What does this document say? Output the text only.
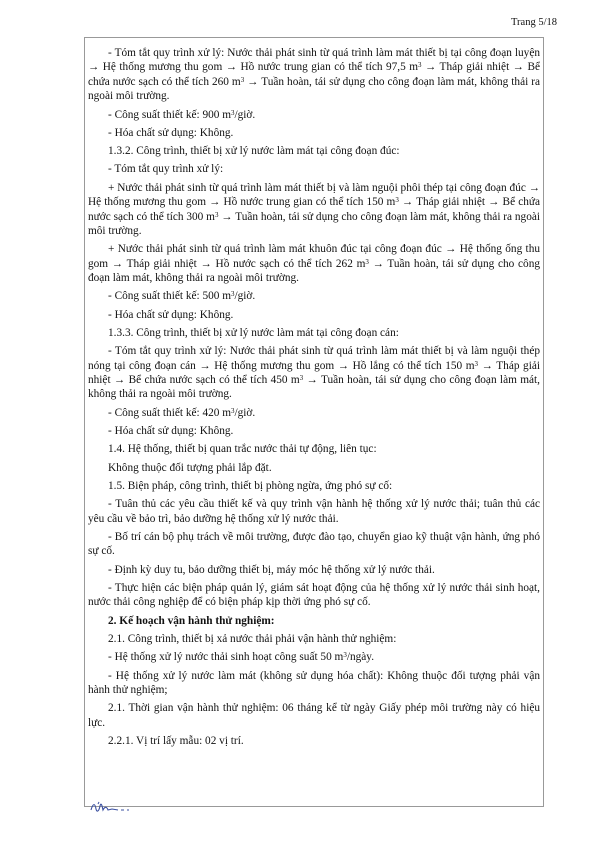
Trang 5/18

- Tóm tắt quy trình xử lý: Nước thải phát sinh từ quá trình làm mát thiết bị tại công đoạn luyện → Hệ thống mương thu gom → Hồ nước trung gian có thể tích 97,5 $m^3$ → Tháp giải nhiệt → Bể chứa nước sạch có thể tích 260 $m^3$ → Tuần hoàn, tái sử dụng cho công đoạn làm mát, không thải ra ngoài môi trường.

- Công suất thiết kế: 900 $m^3$/giờ.

- Hóa chất sử dụng: Không.

1.3.2. Công trình, thiết bị xử lý nước làm mát tại công đoạn đúc:

- Tóm tắt quy trình xử lý:

+ Nước thải phát sinh từ quá trình làm mát thiết bị và làm nguội phôi thép tại công đoạn đúc → Hệ thống mương thu gom → Hồ nước trung gian có thể tích 150 $m^3$ → Tháp giải nhiệt → Bể chứa nước sạch có thể tích 300 $m^3$ → Tuần hoàn, tái sử dụng cho công đoạn làm mát, không thải ra ngoài môi trường.

+ Nước thải phát sinh từ quá trình làm mát khuôn đúc tại công đoạn đúc → Hệ thống ống thu gom → Tháp giải nhiệt → Hồ nước sạch có thể tích 262 $m^3$ → Tuần hoàn, tái sử dụng cho công đoạn làm mát, không thải ra ngoài môi trường.

- Công suất thiết kế: 500 $m^3$/giờ.

- Hóa chất sử dụng: Không.

1.3.3. Công trình, thiết bị xử lý nước làm mát tại công đoạn cán:

- Tóm tắt quy trình xử lý: Nước thải phát sinh từ quá trình làm mát thiết bị và làm nguội thép nóng tại công đoạn cán → Hệ thống mương thu gom → Hồ lắng có thể tích 150 $m^3$ → Tháp giải nhiệt → Bể chứa nước sạch có thể tích 450 $m^3$ → Tuần hoàn, tái sử dụng cho công đoạn làm mát, không thải ra ngoài môi trường.

- Công suất thiết kế: 420 $m^3$/giờ.

- Hóa chất sử dụng: Không.

1.4. Hệ thống, thiết bị quan trắc nước thải tự động, liên tục:

Không thuộc đối tượng phải lắp đặt.

1.5. Biện pháp, công trình, thiết bị phòng ngừa, ứng phó sự cố:

- Tuân thủ các yêu cầu thiết kế và quy trình vận hành hệ thống xử lý nước thải; tuân thủ các yêu cầu về bảo trì, bảo dưỡng hệ thống xử lý nước thải.

- Bố trí cán bộ phụ trách về môi trường, được đào tạo, chuyển giao kỹ thuật vận hành, ứng phó sự cố.

- Định kỳ duy tu, bảo dưỡng thiết bị, máy móc hệ thống xử lý nước thải.

- Thực hiện các biện pháp quản lý, giám sát hoạt động của hệ thống xử lý nước thải sinh hoạt, nước thải công nghiệp để có biện pháp kịp thời ứng phó sự cố.

2. Kế hoạch vận hành thử nghiệm:

2.1. Công trình, thiết bị xả nước thải phải vận hành thử nghiệm:

- Hệ thống xử lý nước thải sinh hoạt công suất 50 $m^3$/ngày.

- Hệ thống xử lý nước làm mát (không sử dụng hóa chất): Không thuộc đối tượng phải vận hành thử nghiệm;

2.1. Thời gian vận hành thử nghiệm: 06 tháng kể từ ngày Giấy phép môi trường này có hiệu lực.

2.2.1. Vị trí lấy mẫu: 02 vị trí.
